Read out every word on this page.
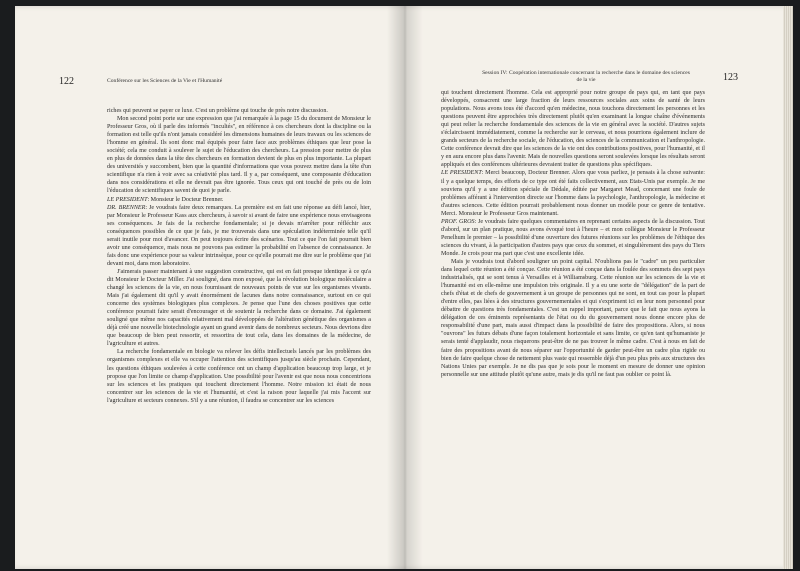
122	Conférence sur les Sciences de la Vie et l'Humanité

riches qui peuvent se payer ce luxe. C'est un problème qui touche de près notre discussion.

Mon second point porte sur une expression que j'ai remarquée à la page 15 du document de Monsieur le Professeur Gros, où il parle des informés "incultés", en référence à ces chercheurs dont la discipline ou la formation est telle qu'ils n'ont jamais considéré les dimensions humaines de leurs travaux ou les sciences de l'homme en général. Ils sont donc mal équipés pour faire face aux problèmes éthiques que leur pose la société; cela me conduit à soulever le sujet de l'éducation des chercheurs. La pression pour mettre de plus en plus de données dans la tête des chercheurs en formation devient de plus en plus importante. La plupart des universités y succombent, bien que la quantité d'informations que vous pouvez mettre dans la tête d'un scientifique n'a rien à voir avec sa créativité plus tard. Il y a, par conséquent, une composante d'éducation dans nos considérations et elle ne devrait pas être ignorée. Tous ceux qui ont touché de près ou de loin l'éducation de scientifiques savent de quoi je parle.

LE PRESIDENT: Monsieur le Docteur Brenner.

DR. BRENNER: Je voudrais faire deux remarques. La première est en fait une réponse au défi lancé, hier, par Monsieur le Professeur Kass aux chercheurs, à savoir si avant de faire une expérience nous envisageons ses conséquences. Je fais de la recherche fondamentale; si je devais m'arrêter pour réfléchir aux conséquences possibles de ce que je fais, je me trouverais dans une spéculation indéterminée telle qu'il serait inutile pour moi d'avancer. On peut toujours écrire des scénarios. Tout ce que l'on fait pourrait bien avoir une conséquence, mais nous ne pouvons pas estimer la probabilité en l'absence de connaissance. Je fais donc une expérience pour sa valeur intrinsèque, pour ce qu'elle pourrait me dire sur le problème que j'ai devant moi, dans mon laboratoire.

J'aimerais passer maintenant à une suggestion constructive, qui est en fait presque identique à ce qu'a dit Monsieur le Docteur Miller. J'ai souligné, dans mon exposé, que la révolution biologique moléculaire a changé les sciences de la vie, en nous fournissant de nouveaux points de vue sur les organismes vivants. Mais j'ai également dit qu'il y avait énormément de lacunes dans notre connaissance, surtout en ce qui concerne des systèmes biologiques plus complexes. Je pense que l'une des choses positives que cette conférence pourrait faire serait d'encourager et de soutenir la recherche dans ce domaine. J'ai également souligné que même nos capacités relativement mal développées de l'altération génétique des organismes a déjà créé une nouvelle biotechnologie ayant un grand avenir dans de nombreux secteurs. Nous devrions dire que beaucoup de bien peut ressortir, et ressortira de tout cela, dans les domaines de la médecine, de l'agriculture et autres.

La recherche fondamentale en biologie va relever les défis intellectuels lancés par les problèmes des organismes complexes et elle va occuper l'attention des scientifiques jusqu'au siècle prochain. Cependant, les questions éthiques soulevées à cette conférence ont un champ d'application beaucoup trop large, et je propose que l'on limite ce champ d'application. Une possibilité pour l'avenir est que nous nous concentrions sur les sciences et les pratiques qui touchent directement l'homme. Notre mission ici était de nous concentrer sur les sciences de la vie et l'humanité, et c'est la raison pour laquelle j'ai mis l'accent sur l'agriculture et secteurs connexes. S'il y a une réunion, il faudra se concentrer sur les sciences

Session IV: Coopération internationale concernant la recherche dans le domaine des sciences de la vie	123

qui touchent directement l'homme. Cela est approprié pour notre groupe de pays qui, en tant que pays développés, consacrent une large fraction de leurs ressources sociales aux soins de santé de leurs populations. Nous avons tous été d'accord qu'en médecine, nous touchons directement les personnes et les questions peuvent être approchées très directement plutôt qu'en examinant la longue chaîne d'événements qui peut relier la recherche fondamentale des sciences de la vie en général avec la société. D'autres sujets s'éclaircissent immédiatement, comme la recherche sur le cerveau, et nous pourrions également inclure de grands secteurs de la recherche sociale, de l'éducation, des sciences de la communication et l'anthropologie. Cette conférence devrait dire que les sciences de la vie ont des contributions positives, pour l'humanité, et il y en aura encore plus dans l'avenir. Mais de nouvelles questions seront soulevées lorsque les résultats seront appliqués et des conférences ultérieures devraient traiter de questions plus spécifiques.

LE PRESIDENT: Merci beaucoup, Docteur Brenner. Alors que vous parliez, je pensais à la chose suivante: il y a quelque temps, des efforts de ce type ont été faits collectivement, aux Etats-Unis par exemple. Je me souviens qu'il y a une édition spéciale de Dédale, éditée par Margaret Mead, concernant une foule de problèmes afférant à l'intervention directe sur l'homme dans la psychologie, l'anthropologie, la médecine et d'autres sciences. Cette édition pourrait probablement nous donner un modèle pour ce genre de tentative. Merci. Monsieur le Professeur Gros maintenant.

PROF. GROS: Je voudrais faire quelques commentaires en reprenant certains aspects de la discussion. Tout d'abord, sur un plan pratique, nous avons évoqué tout à l'heure – et mon collègue Monsieur le Professeur Penelhum le premier – la possibilité d'une ouverture des futures réunions sur les problèmes de l'éthique des sciences du vivant, à la participation d'autres pays que ceux du sommet, et singulièrement des pays du Tiers Monde. Je crois pour ma part que c'est une excellente idée.

Mais je voudrais tout d'abord souligner un point capital. N'oublions pas le "cadre" un peu particulier dans lequel cette réunion a été conçue. Cette réunion a été conçue dans la foulée des sommets des sept pays industrialisés, qui se sont tenus à Versailles et à Williamsburg. Cette réunion sur les sciences de la vie et l'humanité est en elle-même une impulsion très originale. Il y a eu une sorte de "délégation" de la part de chefs d'état et de chefs de gouvernement à un groupe de personnes qui ne sont, en tout cas pour la plupart d'entre elles, pas liées à des structures gouvernementales et qui s'expriment ici en leur nom personnel pour débattre de questions très fondamentales. C'est un rappel important, parce que le fait que nous ayons la délégation de ces éminents représentants de l'état ou du du gouvernement nous donne encore plus de responsabilité d'une part, mais aussi d'impact dans la possibilité de faire des propositions. Alors, si nous "ouvrons" les futurs débats d'une façon totalement horizontale et sans limite, ce qu'en tant qu'humaniste je serais tenté d'applaudir, nous risquerons peut-être de ne pas trouver le même cadre. C'est à nous en fait de faire des propositions avant de nous séparer sur l'opportunité de garder peut-être un cadre plus rigide ou bien de faire quelque chose de nettement plus vaste qui ressemble déjà d'un peu plus près aux structures des Nations Unies par exemple. Je ne dis pas que je sois pour le moment en mesure de donner une opinion personnelle sur une attitude plutôt qu'une autre, mais je dis qu'il ne faut pas oublier ce point là.
